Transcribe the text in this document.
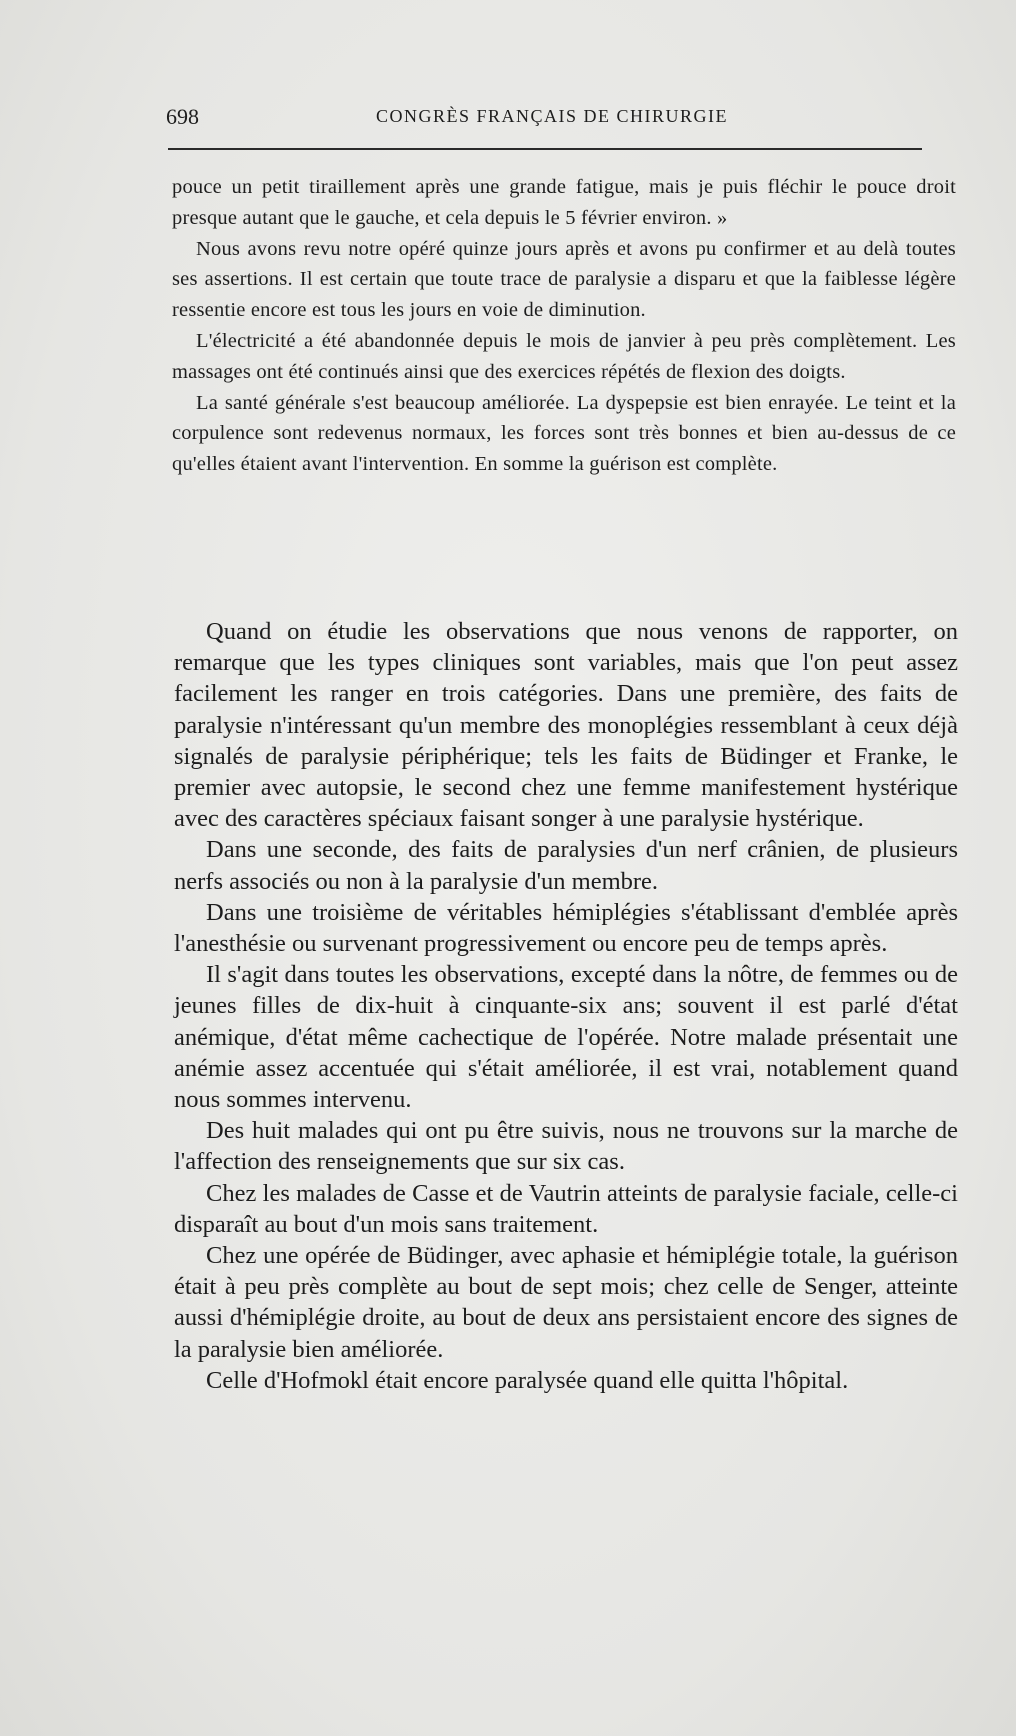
698	CONGRÈS FRANÇAIS DE CHIRURGIE

pouce un petit tiraillement après une grande fatigue, mais je puis fléchir le pouce droit presque autant que le gauche, et cela depuis le 5 février environ. »

Nous avons revu notre opéré quinze jours après et avons pu confirmer et au delà toutes ses assertions. Il est certain que toute trace de paralysie a disparu et que la faiblesse légère ressentie encore est tous les jours en voie de diminution.

L'électricité a été abandonnée depuis le mois de janvier à peu près complètement. Les massages ont été continués ainsi que des exercices répétés de flexion des doigts.

La santé générale s'est beaucoup améliorée. La dyspepsie est bien enrayée. Le teint et la corpulence sont redevenus normaux, les forces sont très bonnes et bien au-dessus de ce qu'elles étaient avant l'intervention. En somme la guérison est complète.

Quand on étudie les observations que nous venons de rapporter, on remarque que les types cliniques sont variables, mais que l'on peut assez facilement les ranger en trois catégories. Dans une première, des faits de paralysie n'intéressant qu'un membre des monoplégies ressemblant à ceux déjà signalés de paralysie périphérique; tels les faits de Büdinger et Franke, le premier avec autopsie, le second chez une femme manifestement hystérique avec des caractères spéciaux faisant songer à une paralysie hystérique.

Dans une seconde, des faits de paralysies d'un nerf crânien, de plusieurs nerfs associés ou non à la paralysie d'un membre.

Dans une troisième de véritables hémiplégies s'établissant d'emblée après l'anesthésie ou survenant progressivement ou encore peu de temps après.

Il s'agit dans toutes les observations, excepté dans la nôtre, de femmes ou de jeunes filles de dix-huit à cinquante-six ans; souvent il est parlé d'état anémique, d'état même cachectique de l'opérée. Notre malade présentait une anémie assez accentuée qui s'était améliorée, il est vrai, notablement quand nous sommes intervenu.

Des huit malades qui ont pu être suivis, nous ne trouvons sur la marche de l'affection des renseignements que sur six cas.

Chez les malades de Casse et de Vautrin atteints de paralysie faciale, celle-ci disparaît au bout d'un mois sans traitement.

Chez une opérée de Büdinger, avec aphasie et hémiplégie totale, la guérison était à peu près complète au bout de sept mois; chez celle de Senger, atteinte aussi d'hémiplégie droite, au bout de deux ans persistaient encore des signes de la paralysie bien améliorée.

Celle d'Hofmokl était encore paralysée quand elle quitta l'hôpital.
